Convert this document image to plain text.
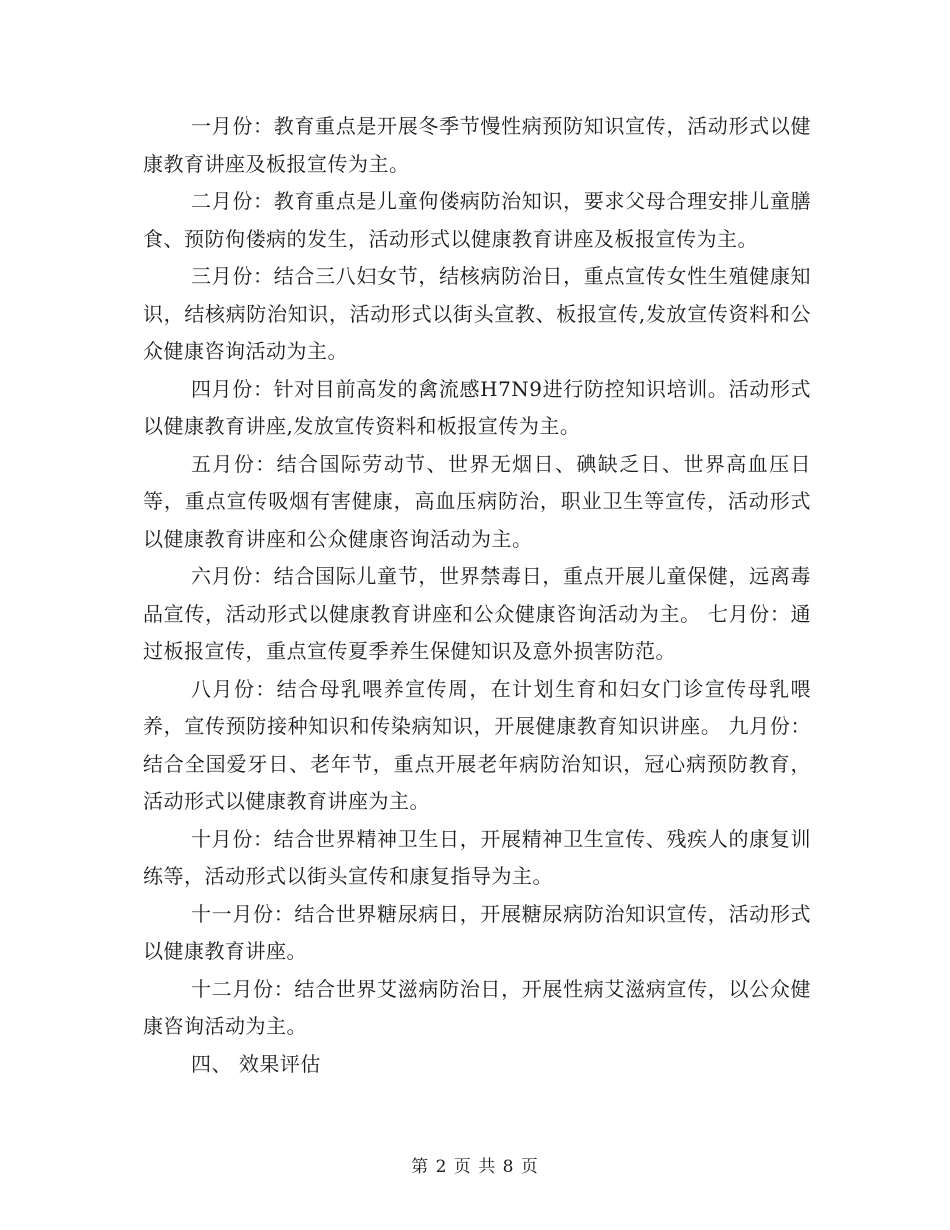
一月份：教育重点是开展冬季节慢性病预防知识宣传，活动形式以健康教育讲座及板报宣传为主。

二月份：教育重点是儿童佝偻病防治知识，要求父母合理安排儿童膳食、预防佝偻病的发生，活动形式以健康教育讲座及板报宣传为主。

三月份：结合三八妇女节，结核病防治日，重点宣传女性生殖健康知识，结核病防治知识，活动形式以街头宣教、板报宣传,发放宣传资料和公众健康咨询活动为主。

四月份：针对目前高发的禽流感H7N9进行防控知识培训。活动形式以健康教育讲座,发放宣传资料和板报宣传为主。

五月份：结合国际劳动节、世界无烟日、碘缺乏日、世界高血压日等，重点宣传吸烟有害健康，高血压病防治，职业卫生等宣传，活动形式以健康教育讲座和公众健康咨询活动为主。

六月份：结合国际儿童节，世界禁毒日，重点开展儿童保健，远离毒品宣传，活动形式以健康教育讲座和公众健康咨询活动为主。 七月份：通过板报宣传，重点宣传夏季养生保健知识及意外损害防范。

八月份：结合母乳喂养宣传周，在计划生育和妇女门诊宣传母乳喂养，宣传预防接种知识和传染病知识，开展健康教育知识讲座。 九月份：结合全国爱牙日、老年节，重点开展老年病防治知识，冠心病预防教育，活动形式以健康教育讲座为主。

十月份：结合世界精神卫生日，开展精神卫生宣传、残疾人的康复训练等，活动形式以街头宣传和康复指导为主。

十一月份：结合世界糖尿病日，开展糖尿病防治知识宣传，活动形式以健康教育讲座。

十二月份：结合世界艾滋病防治日，开展性病艾滋病宣传，以公众健康咨询活动为主。

四、 效果评估

第 2 页 共 8 页
